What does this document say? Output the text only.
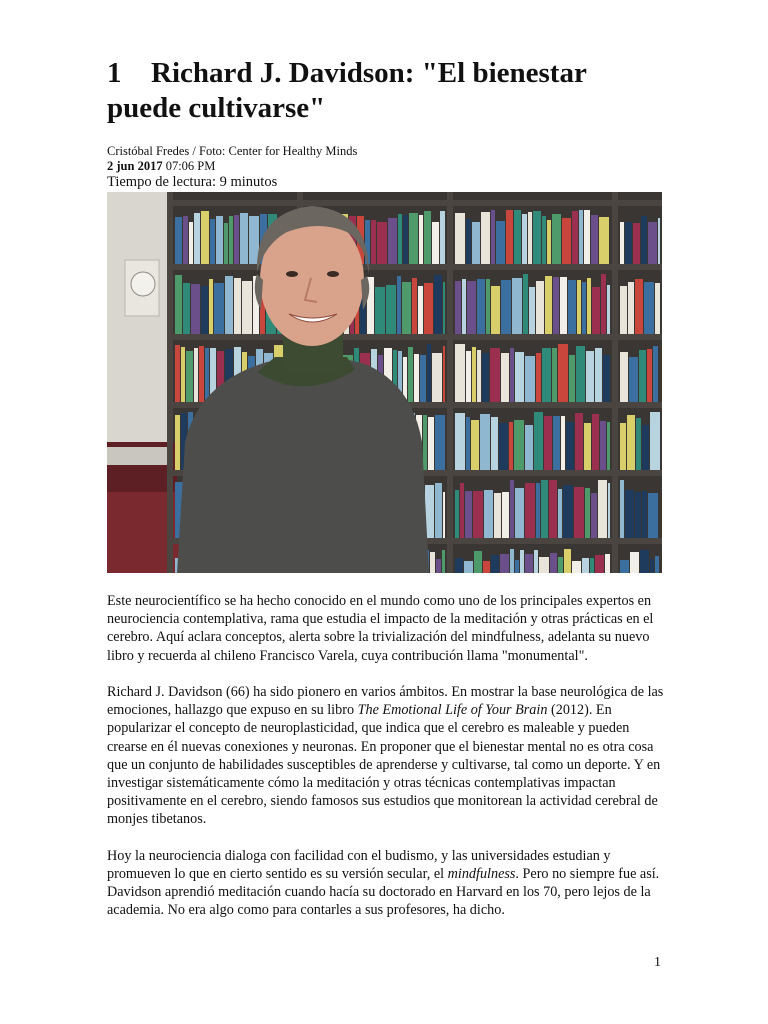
1 Richard J. Davidson: "El bienestar puede cultivarse"
Cristóbal Fredes / Foto: Center for Healthy Minds
2 jun 2017 07:06 PM
Tiempo de lectura: 9 minutos

Este neurocientífico se ha hecho conocido en el mundo como uno de los principales expertos en neurociencia contemplativa, rama que estudia el impacto de la meditación y otras prácticas en el cerebro. Aquí aclara conceptos, alerta sobre la trivialización del mindfulness, adelanta su nuevo libro y recuerda al chileno Francisco Varela, cuya contribución llama "monumental".

Richard J. Davidson (66) ha sido pionero en varios ámbitos. En mostrar la base neurológica de las emociones, hallazgo que expuso en su libro The Emotional Life of Your Brain (2012). En popularizar el concepto de neuroplasticidad, que indica que el cerebro es maleable y pueden crearse en él nuevas conexiones y neuronas. En proponer que el bienestar mental no es otra cosa que un conjunto de habilidades susceptibles de aprenderse y cultivarse, tal como un deporte. Y en investigar sistemáticamente cómo la meditación y otras técnicas contemplativas impactan positivamente en el cerebro, siendo famosos sus estudios que monitorean la actividad cerebral de monjes tibetanos.

Hoy la neurociencia dialoga con facilidad con el budismo, y las universidades estudian y promueven lo que en cierto sentido es su versión secular, el mindfulness. Pero no siempre fue así. Davidson aprendió meditación cuando hacía su doctorado en Harvard en los 70, pero lejos de la academia. No era algo como para contarles a sus profesores, ha dicho.

1
